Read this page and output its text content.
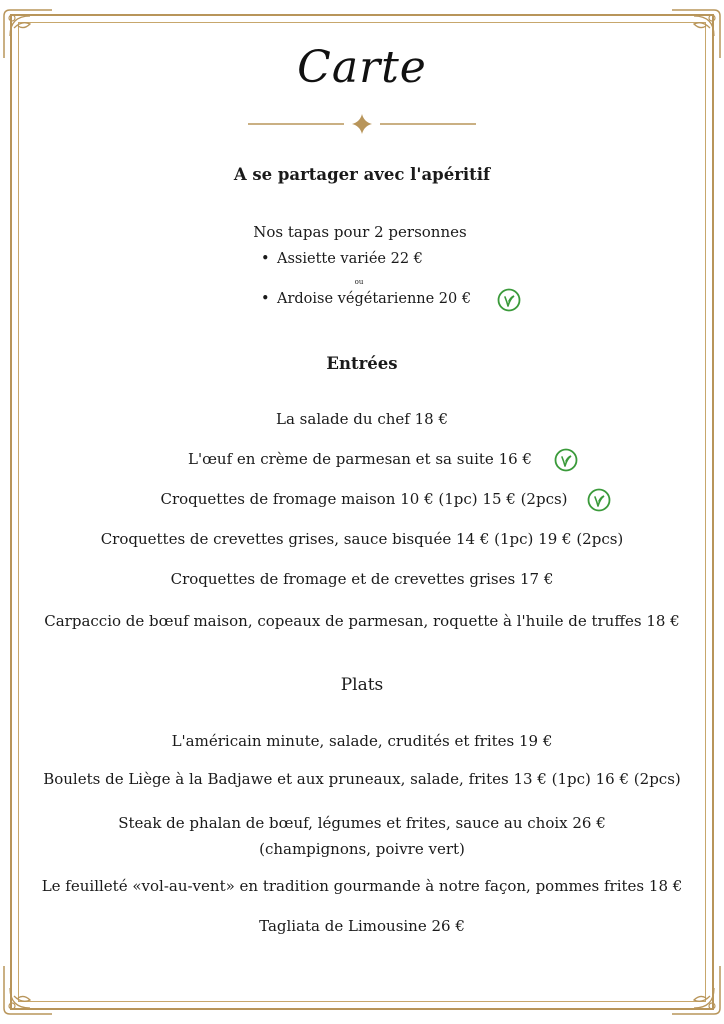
Carte
A se partager avec l'apéritif
Nos tapas pour 2 personnes
• Assiette variée 22 €
ou
• Ardoise végétarienne 20 €
Entrées
La salade du chef 18 €
L'œuf en crème de parmesan et sa suite 16 €
Croquettes de fromage maison 10 € (1pc) 15 € (2pcs)
Croquettes de crevettes grises, sauce bisquée 14 € (1pc) 19 € (2pcs)
Croquettes de fromage et de crevettes grises 17 €
Carpaccio de bœuf maison, copeaux de parmesan, roquette à l'huile de truffes 18 €
Plats
L'américain minute, salade, crudités et frites 19 €
Boulets de Liège à la Badjawe et aux pruneaux, salade, frites 13 € (1pc) 16 € (2pcs)
Steak de phalan de bœuf, légumes et frites, sauce au choix 26 €
(champignons, poivre vert)
Le feuilleté «vol-au-vent» en tradition gourmande à notre façon, pommes frites 18 €
Tagliata de Limousine 26 €
